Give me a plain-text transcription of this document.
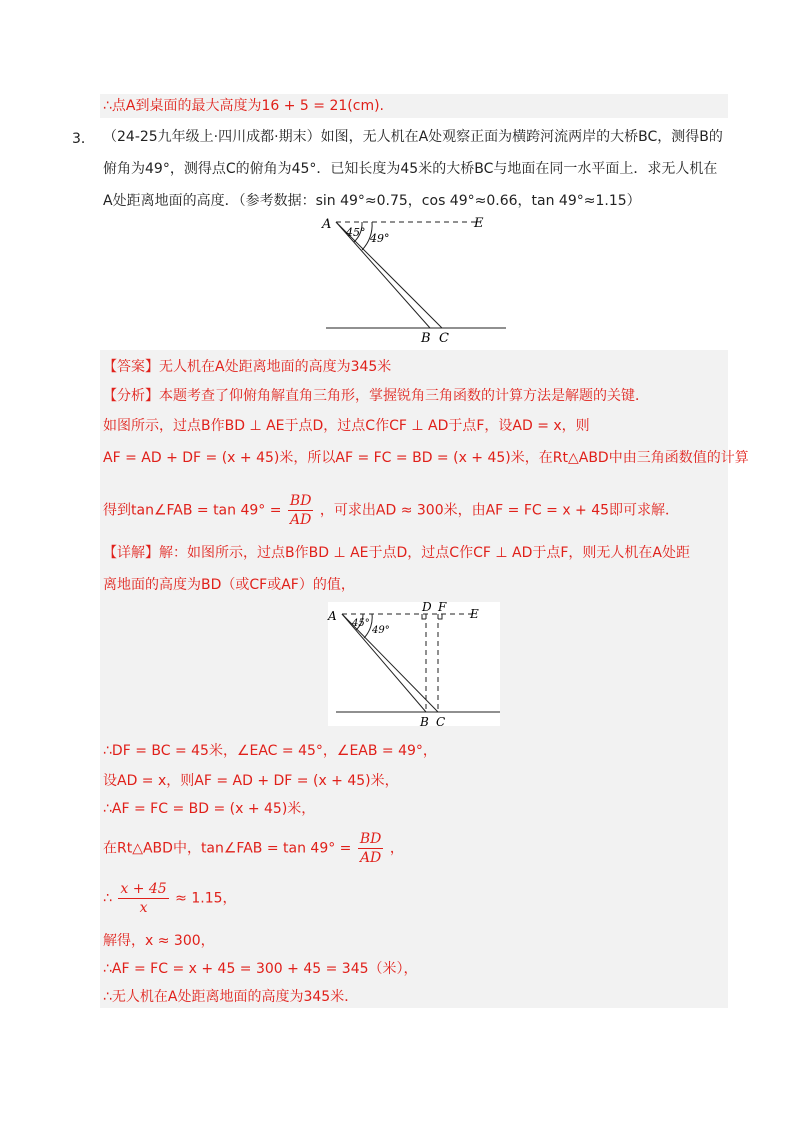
∴点A到桌面的最大高度为16 + 5 = 21(cm).
3． （24-25九年级上·四川成都·期末）如图，无人机在A处观察正面为横跨河流两岸的大桥BC，测得B的
俯角为49°，测得点C的俯角为45°．已知长度为45米的大桥BC与地面在同一水平面上．求无人机在
A处距离地面的高度．（参考数据：sin 49°≈0.75，cos 49°≈0.66，tan 49°≈1.15）
A	E
45° 49°
B C
【答案】无人机在A处距离地面的高度为345米
【分析】本题考查了仰俯角解直角三角形，掌握锐角三角函数的计算方法是解题的关键．
如图所示，过点B作BD ⊥ AE于点D，过点C作CF ⊥ AD于点F，设AD = x，则
AF = AD + DF = (x + 45)米，所以AF = FC = BD = (x + 45)米，在Rt△ABD中由三角函数值的计算
得到tan∠FAB = $\tan 49^\circ = \frac{BD}{AD}$ ，可求出AD ≈ 300米，由AF = FC = x + 45即可求解．
【详解】解：如图所示，过点B作BD ⊥ AE于点D，过点C作CF ⊥ AD于点F，则无人机在A处距
离地面的高度为BD（或CF或AF）的值，
A
D F E
45°
49°
B C
∴DF = BC = 45米，∠EAC = 45°，∠EAB = 49°，
设AD = x，则AF = AD + DF = (x + 45)米，
∴AF = FC = BD = (x + 45)米，
在Rt△ABD中，tan∠FAB = $\tan 49^\circ = \frac{BD}{AD}$ ，
∴ $\frac{x + 45}{x} \approx 1.15$，
解得，x ≈ 300，
∴AF = FC = x + 45 = 300 + 45 = 345（米），
∴无人机在A处距离地面的高度为345米．
